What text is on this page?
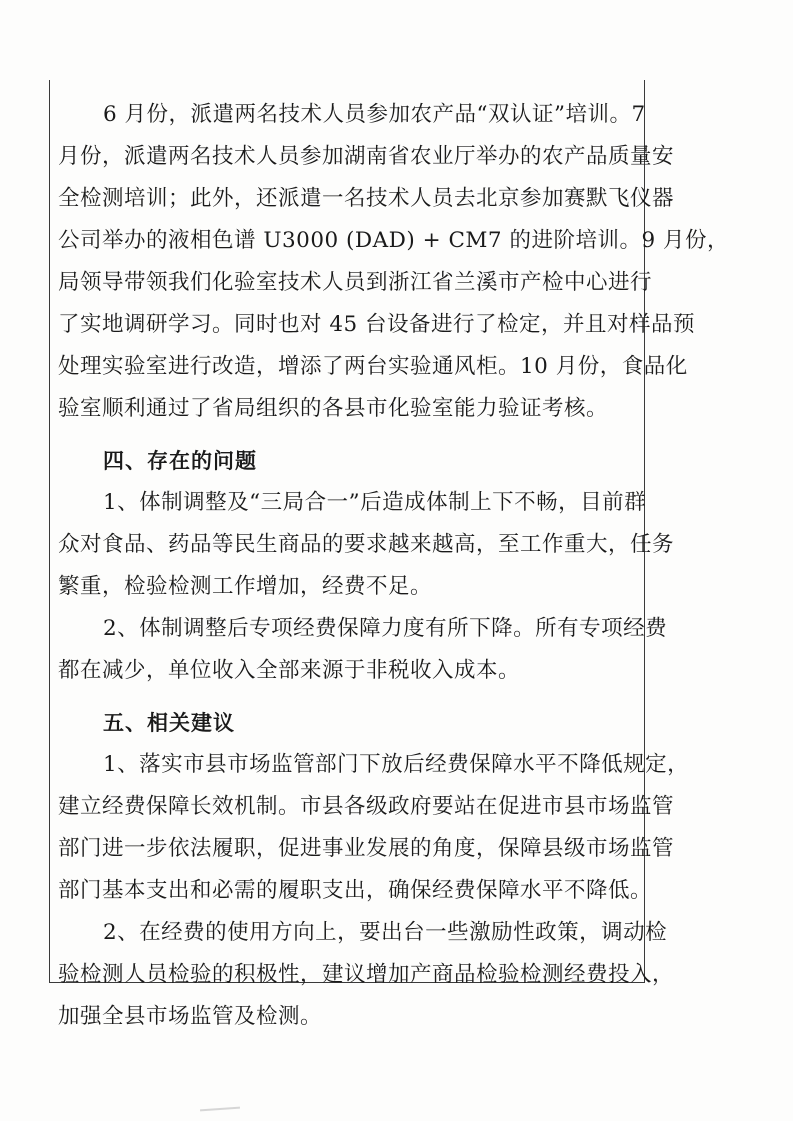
6 月份，派遣两名技术人员参加农产品“双认证”培训。7
月份，派遣两名技术人员参加湖南省农业厅举办的农产品质量安
全检测培训；此外，还派遣一名技术人员去北京参加赛默飞仪器
公司举办的液相色谱 U3000 (DAD) + CM7 的进阶培训。9 月份，
局领导带领我们化验室技术人员到浙江省兰溪市产检中心进行
了实地调研学习。同时也对 45 台设备进行了检定，并且对样品预
处理实验室进行改造，增添了两台实验通风柜。10 月份，食品化
验室顺利通过了省局组织的各县市化验室能力验证考核。
四、存在的问题
1、体制调整及“三局合一”后造成体制上下不畅，目前群
众对食品、药品等民生商品的要求越来越高，至工作重大，任务
繁重，检验检测工作增加，经费不足。
2、体制调整后专项经费保障力度有所下降。所有专项经费
都在减少，单位收入全部来源于非税收入成本。
五、相关建议
1、落实市县市场监管部门下放后经费保障水平不降低规定，
建立经费保障长效机制。市县各级政府要站在促进市县市场监管
部门进一步依法履职，促进事业发展的角度，保障县级市场监管
部门基本支出和必需的履职支出，确保经费保障水平不降低。
2、在经费的使用方向上，要出台一些激励性政策，调动检
验检测人员检验的积极性，建议增加产商品检验检测经费投入，
加强全县市场监管及检测。
